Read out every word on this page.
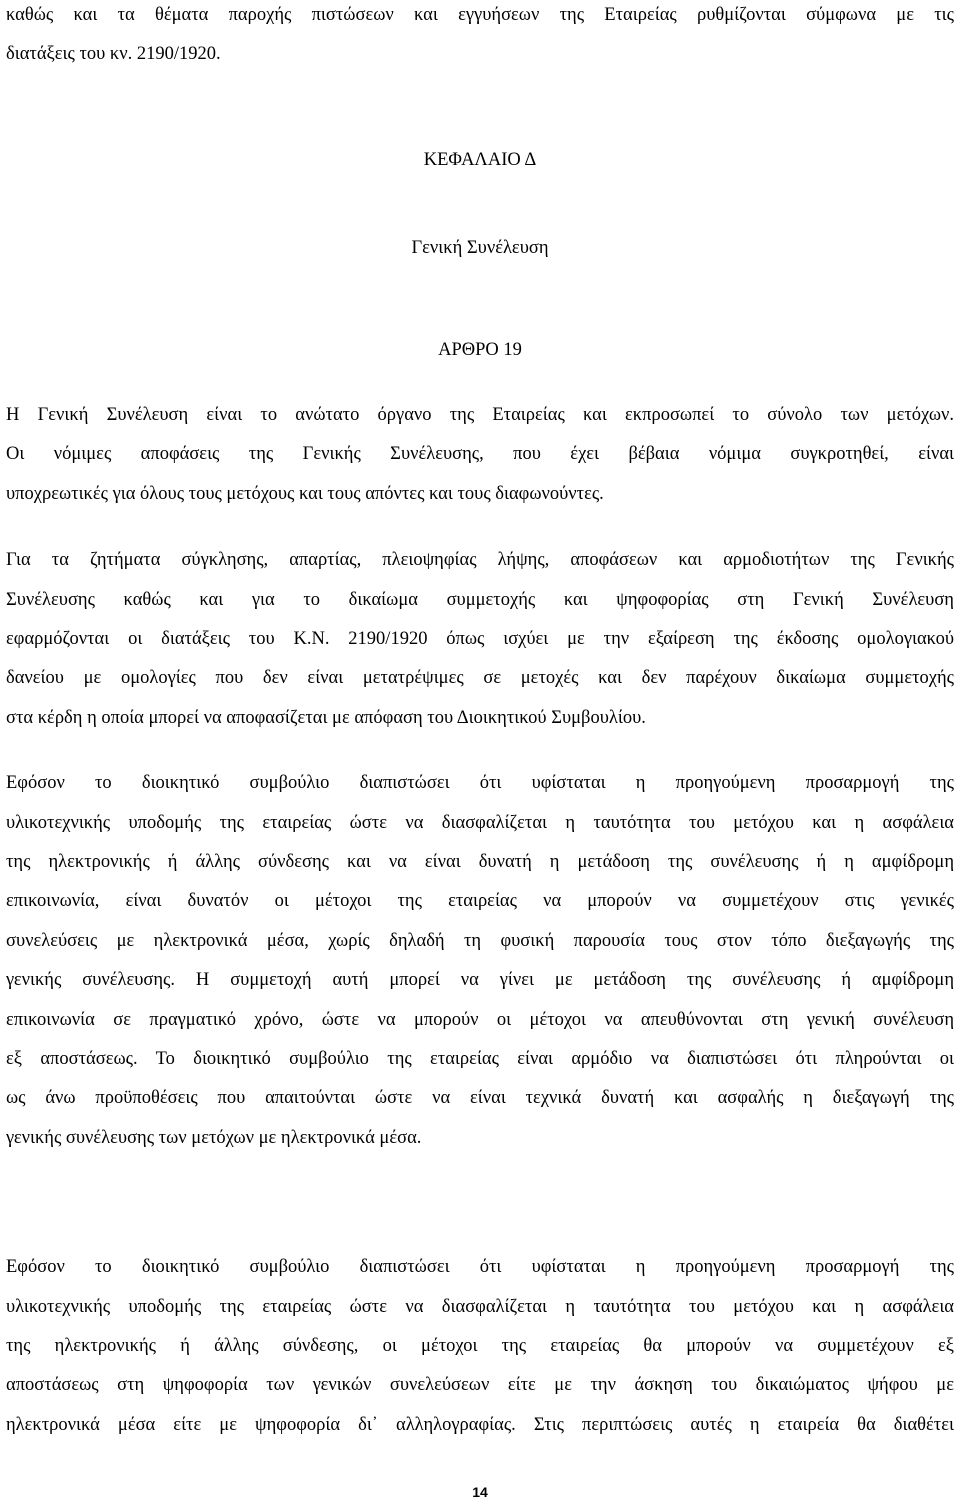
καθώς και τα θέματα παροχής πιστώσεων και εγγυήσεων της Εταιρείας ρυθμίζονται σύμφωνα με τις
διατάξεις του κν. 2190/1920.
ΚΕΦΑΛΑΙΟ Δ
Γενική Συνέλευση
ΑΡΘΡΟ 19
Η Γενική Συνέλευση είναι το ανώτατο όργανο της Εταιρείας και εκπροσωπεί το σύνολο των μετόχων.
Οι νόμιμες αποφάσεις της Γενικής Συνέλευσης, που έχει βέβαια νόμιμα συγκροτηθεί, είναι
υποχρεωτικές για όλους τους μετόχους και τους απόντες και τους διαφωνούντες.
Για τα ζητήματα σύγκλησης, απαρτίας, πλειοψηφίας λήψης, αποφάσεων και αρμοδιοτήτων της Γενικής
Συνέλευσης καθώς και για το δικαίωμα συμμετοχής και ψηφοφορίας στη Γενική Συνέλευση
εφαρμόζονται οι διατάξεις του Κ.Ν. 2190/1920 όπως ισχύει με την εξαίρεση της έκδοσης ομολογιακού
δανείου με ομολογίες που δεν είναι μετατρέψιμες σε μετοχές και δεν παρέχουν δικαίωμα συμμετοχής
στα κέρδη η οποία μπορεί να αποφασίζεται με απόφαση του Διοικητικού Συμβουλίου.
Εφόσον το διοικητικό συμβούλιο διαπιστώσει ότι υφίσταται η προηγούμενη προσαρμογή της
υλικοτεχνικής υποδομής της εταιρείας ώστε να διασφαλίζεται η ταυτότητα του μετόχου και η ασφάλεια
της ηλεκτρονικής ή άλλης σύνδεσης και να είναι δυνατή η μετάδοση της συνέλευσης ή η αμφίδρομη
επικοινωνία, είναι δυνατόν οι μέτοχοι της εταιρείας να μπορούν να συμμετέχουν στις γενικές
συνελεύσεις με ηλεκτρονικά μέσα, χωρίς δηλαδή τη φυσική παρουσία τους στον τόπο διεξαγωγής της
γενικής συνέλευσης. Η συμμετοχή αυτή μπορεί να γίνει με μετάδοση της συνέλευσης ή αμφίδρομη
επικοινωνία σε πραγματικό χρόνο, ώστε να μπορούν οι μέτοχοι να απευθύνονται στη γενική συνέλευση
εξ αποστάσεως. Το διοικητικό συμβούλιο της εταιρείας είναι αρμόδιο να διαπιστώσει ότι πληρούνται οι
ως άνω προϋποθέσεις που απαιτούνται ώστε να είναι τεχνικά δυνατή και ασφαλής η διεξαγωγή της
γενικής συνέλευσης των μετόχων με ηλεκτρονικά μέσα.
Εφόσον το διοικητικό συμβούλιο διαπιστώσει ότι υφίσταται η προηγούμενη προσαρμογή της
υλικοτεχνικής υποδομής της εταιρείας ώστε να διασφαλίζεται η ταυτότητα του μετόχου και η ασφάλεια
της ηλεκτρονικής ή άλλης σύνδεσης, οι μέτοχοι της εταιρείας θα μπορούν να συμμετέχουν εξ
αποστάσεως στη ψηφοφορία των γενικών συνελεύσεων είτε με την άσκηση του δικαιώματος ψήφου με
ηλεκτρονικά μέσα είτε με ψηφοφορία δι᾽ αλληλογραφίας. Στις περιπτώσεις αυτές η εταιρεία θα διαθέτει
14
